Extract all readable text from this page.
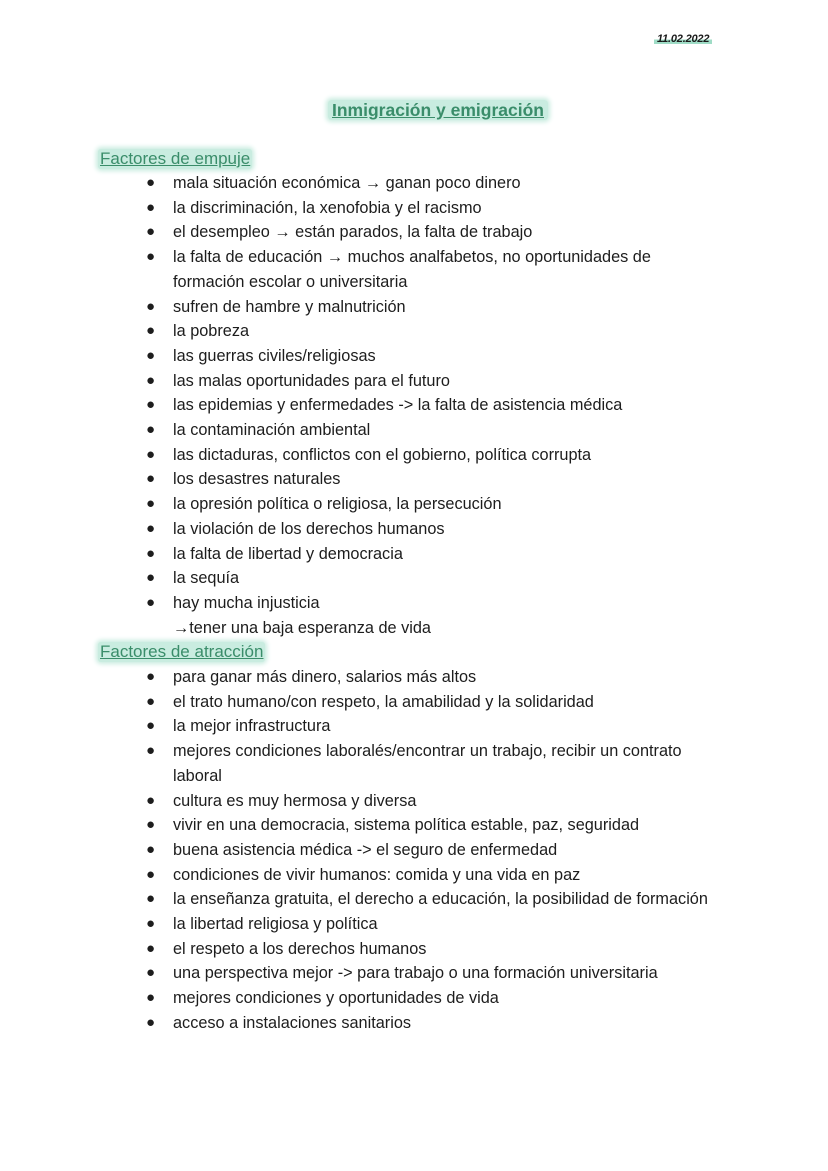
11.02.2022
Inmigración y emigración
Factores de empuje
● mala situación económica → ganan poco dinero
● la discriminación, la xenofobia y el racismo
● el desempleo → están parados, la falta de trabajo
● la falta de educación → muchos analfabetos, no oportunidades de formación escolar o universitaria
● sufren de hambre y malnutrición
● la pobreza
● las guerras civiles/religiosas
● las malas oportunidades para el futuro
● las epidemias y enfermedades -> la falta de asistencia médica
● la contaminación ambiental
● las dictaduras, conflictos con el gobierno, política corrupta
● los desastres naturales
● la opresión política o religiosa, la persecución
● la violación de los derechos humanos
● la falta de libertad y democracia
● la sequía
● hay mucha injusticia
→tener una baja esperanza de vida
Factores de atracción
● para ganar más dinero, salarios más altos
● el trato humano/con respeto, la amabilidad y la solidaridad
● la mejor infrastructura
● mejores condiciones laboralés/encontrar un trabajo, recibir un contrato laboral
● cultura es muy hermosa y diversa
● vivir en una democracia, sistema política estable, paz, seguridad
● buena asistencia médica -> el seguro de enfermedad
● condiciones de vivir humanos: comida y una vida en paz
● la enseñanza gratuita, el derecho a educación, la posibilidad de formación
● la libertad religiosa y política
● el respeto a los derechos humanos
● una perspectiva mejor -> para trabajo o una formación universitaria
● mejores condiciones y oportunidades de vida
● acceso a instalaciones sanitarios
